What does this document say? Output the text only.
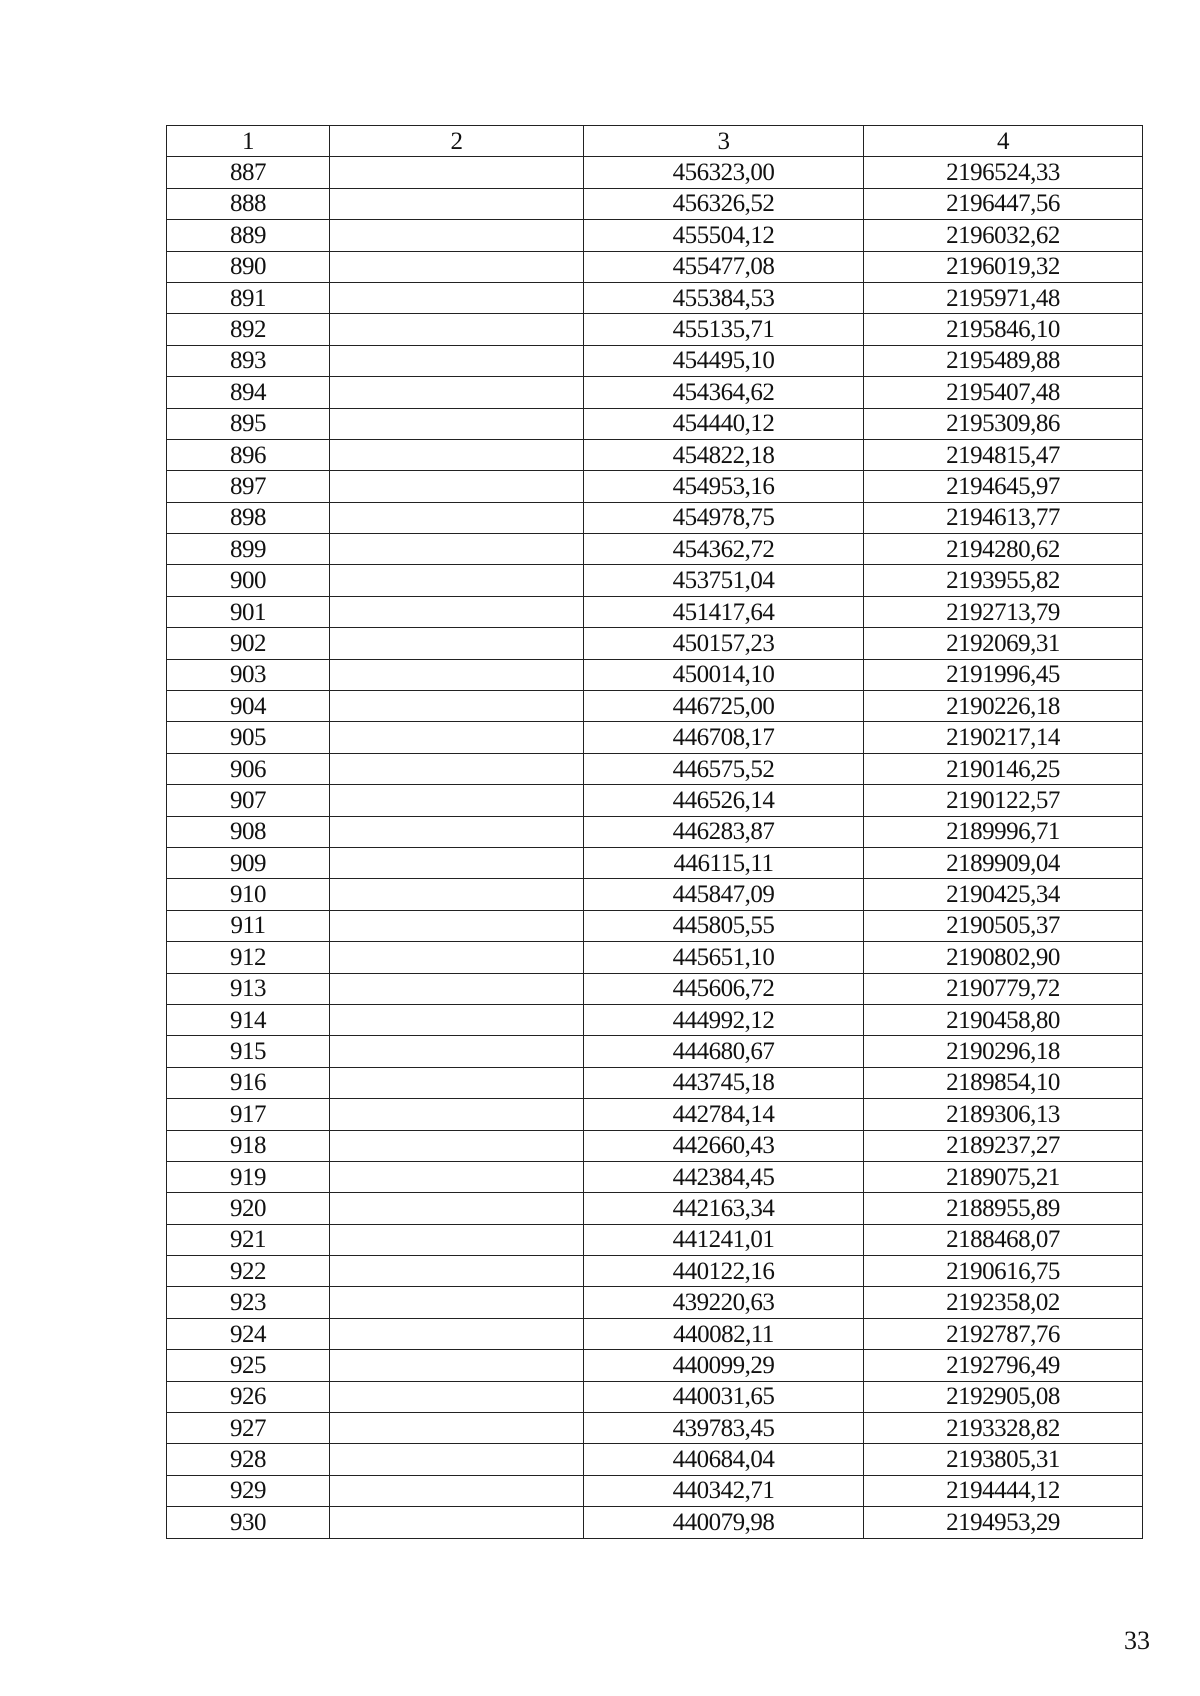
1	2	3	4
887		456323,00	2196524,33
888		456326,52	2196447,56
889		455504,12	2196032,62
890		455477,08	2196019,32
891		455384,53	2195971,48
892		455135,71	2195846,10
893		454495,10	2195489,88
894		454364,62	2195407,48
895		454440,12	2195309,86
896		454822,18	2194815,47
897		454953,16	2194645,97
898		454978,75	2194613,77
899		454362,72	2194280,62
900		453751,04	2193955,82
901		451417,64	2192713,79
902		450157,23	2192069,31
903		450014,10	2191996,45
904		446725,00	2190226,18
905		446708,17	2190217,14
906		446575,52	2190146,25
907		446526,14	2190122,57
908		446283,87	2189996,71
909		446115,11	2189909,04
910		445847,09	2190425,34
911		445805,55	2190505,37
912		445651,10	2190802,90
913		445606,72	2190779,72
914		444992,12	2190458,80
915		444680,67	2190296,18
916		443745,18	2189854,10
917		442784,14	2189306,13
918		442660,43	2189237,27
919		442384,45	2189075,21
920		442163,34	2188955,89
921		441241,01	2188468,07
922		440122,16	2190616,75
923		439220,63	2192358,02
924		440082,11	2192787,76
925		440099,29	2192796,49
926		440031,65	2192905,08
927		439783,45	2193328,82
928		440684,04	2193805,31
929		440342,71	2194444,12
930		440079,98	2194953,29
33
